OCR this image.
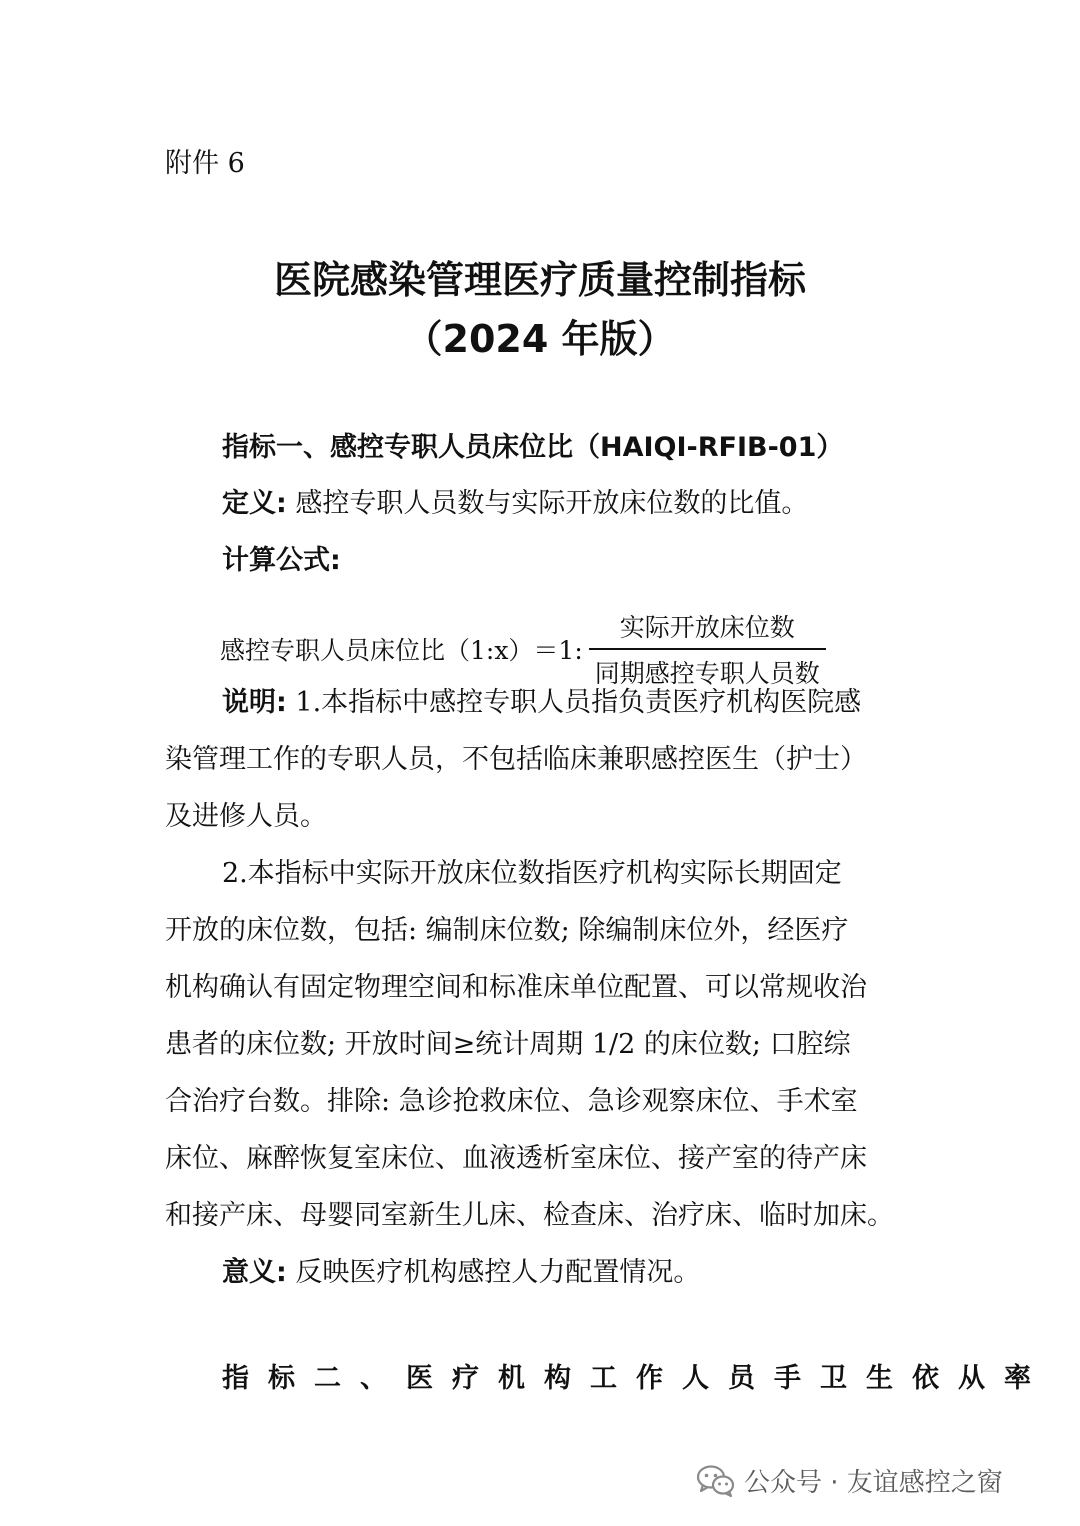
附件 6
医院感染管理医疗质量控制指标
（2024 年版）
指标一、感控专职人员床位比（HAIQI-RFIB-01）
定义: 感控专职人员数与实际开放床位数的比值。
计算公式:
感控专职人员床位比（1:x）＝1: $\frac{\text{实际开放床位数}}{\text{同期感控专职人员数}}$
说明: 1.本指标中感控专职人员指负责医疗机构医院感
染管理工作的专职人员，不包括临床兼职感控医生（护士）
及进修人员。
2.本指标中实际开放床位数指医疗机构实际长期固定
开放的床位数，包括: 编制床位数; 除编制床位外，经医疗
机构确认有固定物理空间和标准床单位配置、可以常规收治
患者的床位数; 开放时间≥统计周期 1/2 的床位数; 口腔综
合治疗台数。排除: 急诊抢救床位、急诊观察床位、手术室
床位、麻醉恢复室床位、血液透析室床位、接产室的待产床
和接产床、母婴同室新生儿床、检查床、治疗床、临时加床。
意义: 反映医疗机构感控人力配置情况。
指标二、医疗机构工作人员手卫生依从率
公众号 · 友谊感控之窗
